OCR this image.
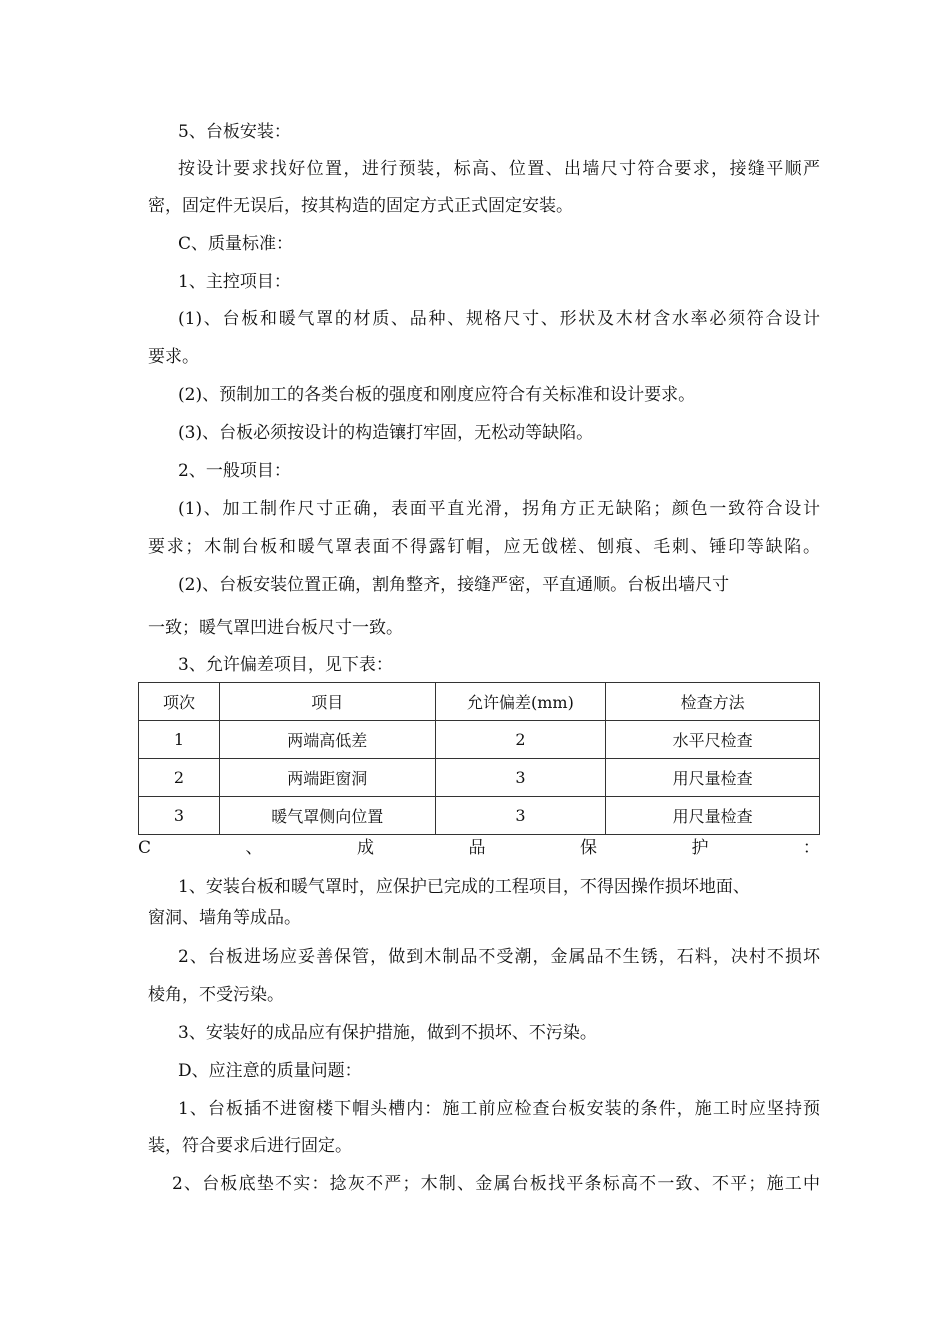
5、台板安装：
按设计要求找好位置，进行预装，标高、位置、出墙尺寸符合要求，接缝平顺严
密，固定件无误后，按其构造的固定方式正式固定安装。
C、质量标准：
1、主控项目：
(1)、台板和暖气罩的材质、品种、规格尺寸、形状及木材含水率必须符合设计
要求。
(2)、预制加工的各类台板的强度和刚度应符合有关标准和设计要求。
(3)、台板必须按设计的构造镶打牢固，无松动等缺陷。
2、一般项目：
(1)、加工制作尺寸正确，表面平直光滑，拐角方正无缺陷；颜色一致符合设计
要求；木制台板和暖气罩表面不得露钉帽，应无戗槎、刨痕、毛刺、锤印等缺陷。
(2)、台板安装位置正确，割角整齐，接缝严密，平直通顺。台板出墙尺寸
一致；暖气罩凹进台板尺寸一致。
3、允许偏差项目，见下表：
项次	项目	允许偏差(mm)	检查方法
1	两端高低差	2	水平尺检查
2	两端距窗洞	3	用尺量检查
3	暖气罩侧向位置	3	用尺量检查
C	、	成	品	保	护	：
1、安装台板和暖气罩时，应保护已完成的工程项目，不得因操作损坏地面、
窗洞、墙角等成品。
2、台板进场应妥善保管，做到木制品不受潮，金属品不生锈，石料，决村不损坏
棱角，不受污染。
3、安装好的成品应有保护措施，做到不损坏、不污染。
D、应注意的质量问题：
1、台板插不进窗楼下帽头槽内：施工前应检查台板安装的条件，施工时应坚持预
装，符合要求后进行固定。
2、台板底垫不实：捻灰不严；木制、金属台板找平条标高不一致、不平；施工中
